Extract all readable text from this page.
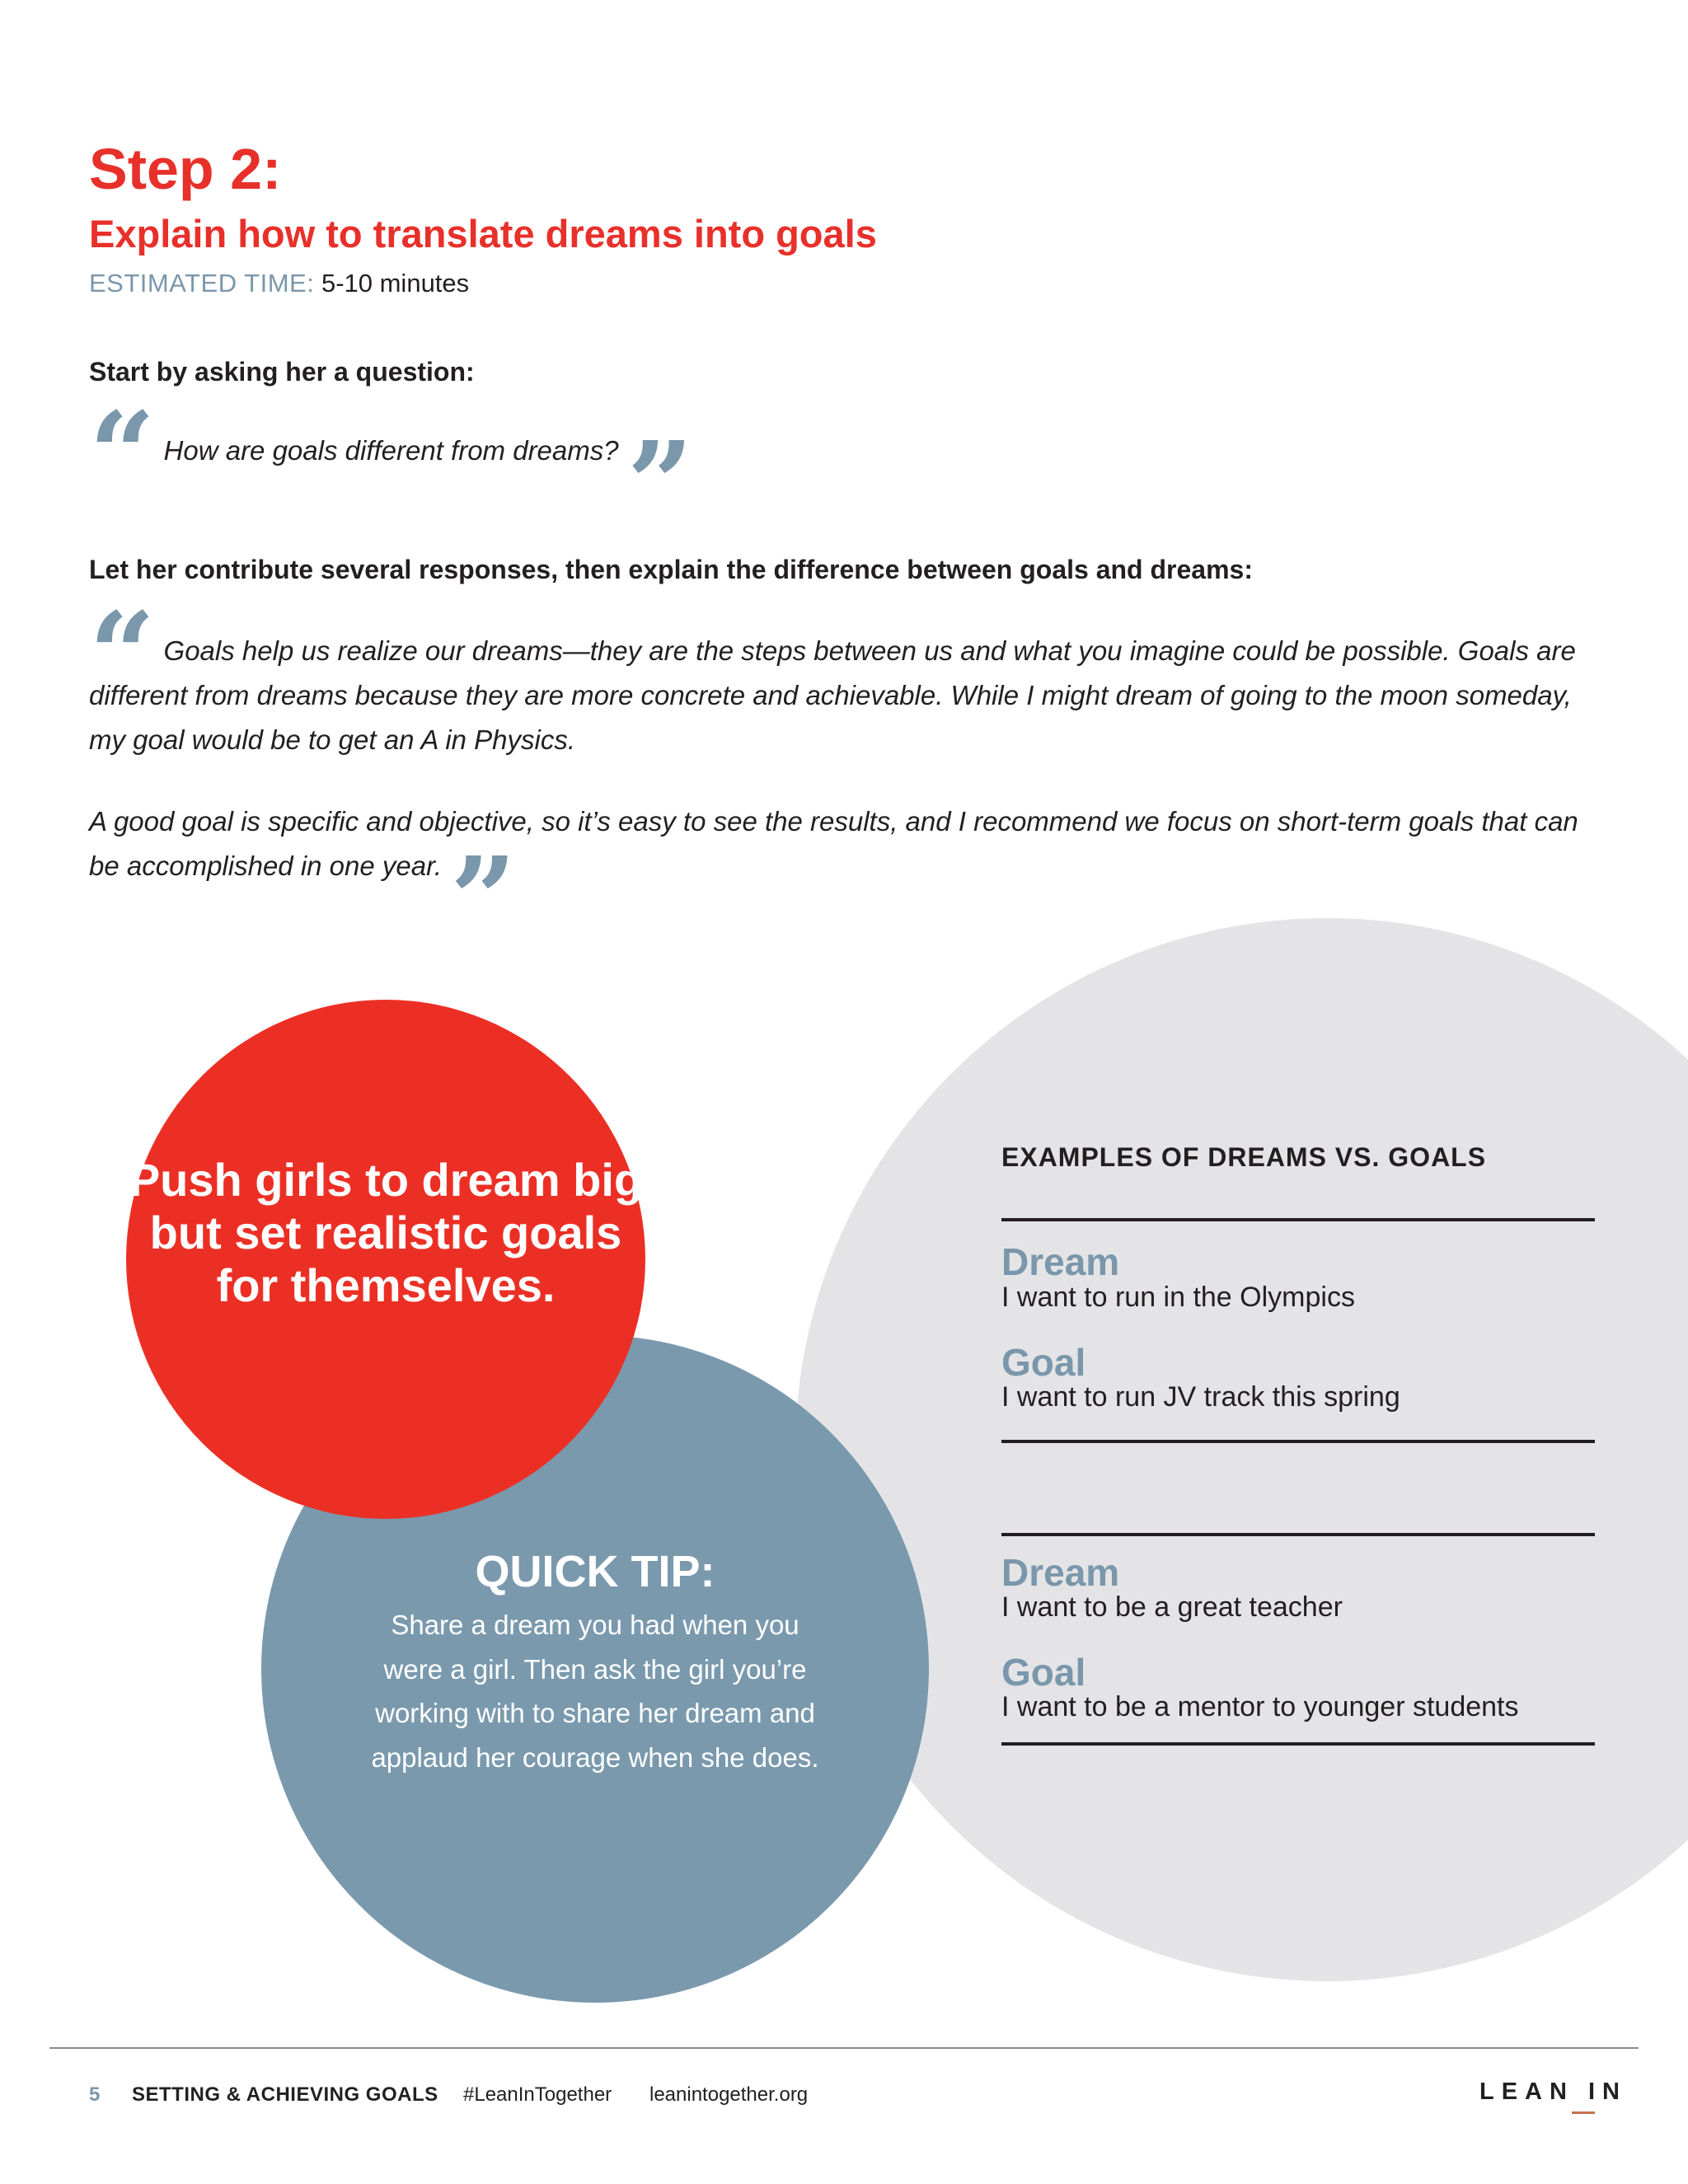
Step 2:
Explain how to translate dreams into goals
ESTIMATED TIME: 5-10 minutes
Start by asking her a question:
“ How are goals different from dreams?”
Let her contribute several responses, then explain the difference between goals and dreams:
“ Goals help us realize our dreams—they are the steps between us and what you imagine could be possible. Goals are different from dreams because they are more concrete and achievable. While I might dream of going to the moon someday, my goal would be to get an A in Physics.
A good goal is specific and objective, so it’s easy to see the results, and I recommend we focus on short-term goals that can be accomplished in one year.”
Push girls to dream big but set realistic goals for themselves.
QUICK TIP:
Share a dream you had when you were a girl. Then ask the girl you’re working with to share her dream and applaud her courage when she does.
EXAMPLES OF DREAMS VS. GOALS
Dream
I want to run in the Olympics
Goal
I want to run JV track this spring
Dream
I want to be a great teacher
Goal
I want to be a mentor to younger students
5 SETTING & ACHIEVING GOALS #LeanInTogether leanintogether.org	LEAN IN
